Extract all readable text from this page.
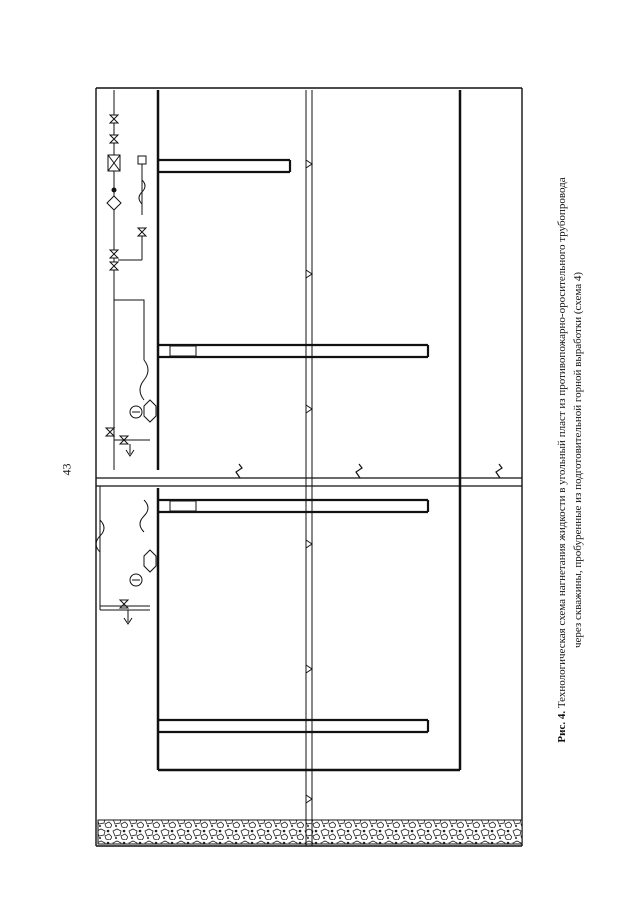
43
Рис. 4. Технологическая схема нагнетания жидкости в угольный пласт из противопожарно-оросительного трубопровода через скважины, пробуренные из подготовительной горной выработки (схема 4)
